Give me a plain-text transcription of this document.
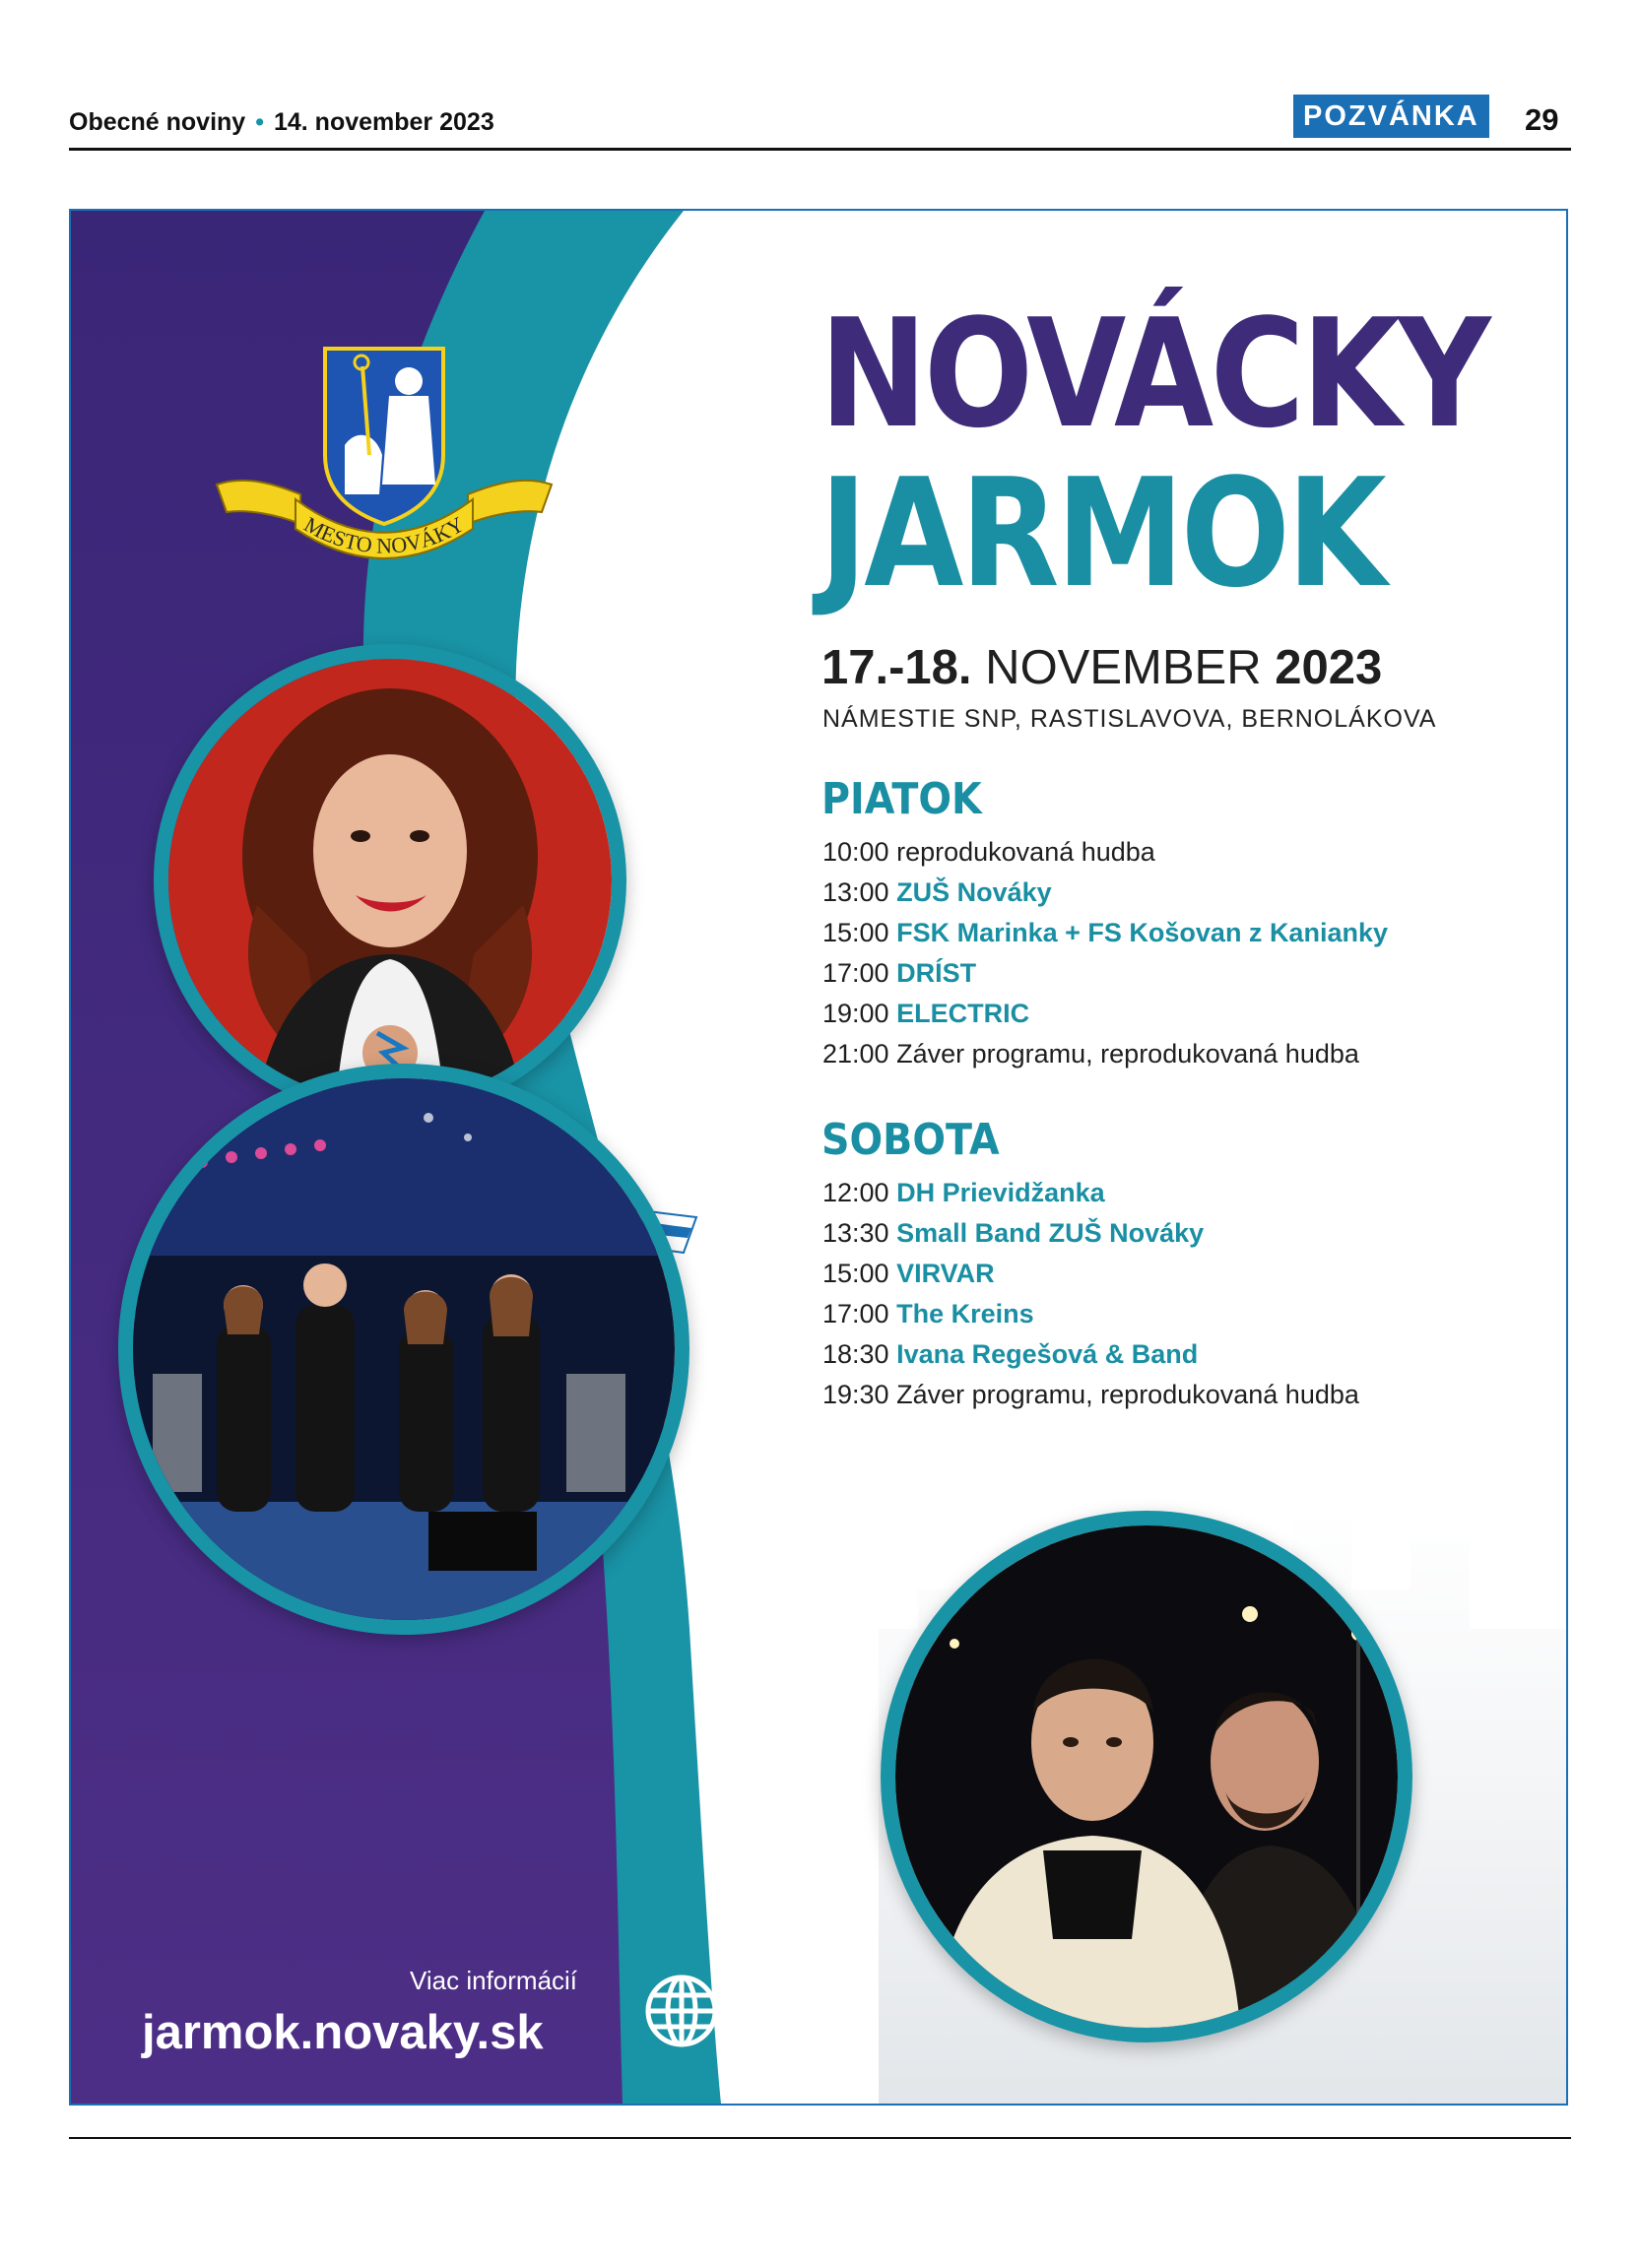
Obecné noviny • 14. november 2023	POZVÁNKA	29
MESTO NOVÁKY
NOVÁCKY
JARMOK
17.-18. NOVEMBER 2023
NÁMESTIE SNP, RASTISLAVOVA, BERNOLÁKOVA
PIATOK
10:00 reprodukovaná hudba
13:00 ZUŠ Nováky
15:00 FSK Marinka + FS Košovan z Kanianky
17:00 DRÍST
19:00 ELECTRIC
21:00 Záver programu, reprodukovaná hudba
SOBOTA
12:00 DH Prievidžanka
13:30 Small Band ZUŠ Nováky
15:00 VIRVAR
17:00 The Kreins
18:30 Ivana Regešová & Band
19:30 Záver programu, reprodukovaná hudba
Viac informácií
jarmok.novaky.sk
